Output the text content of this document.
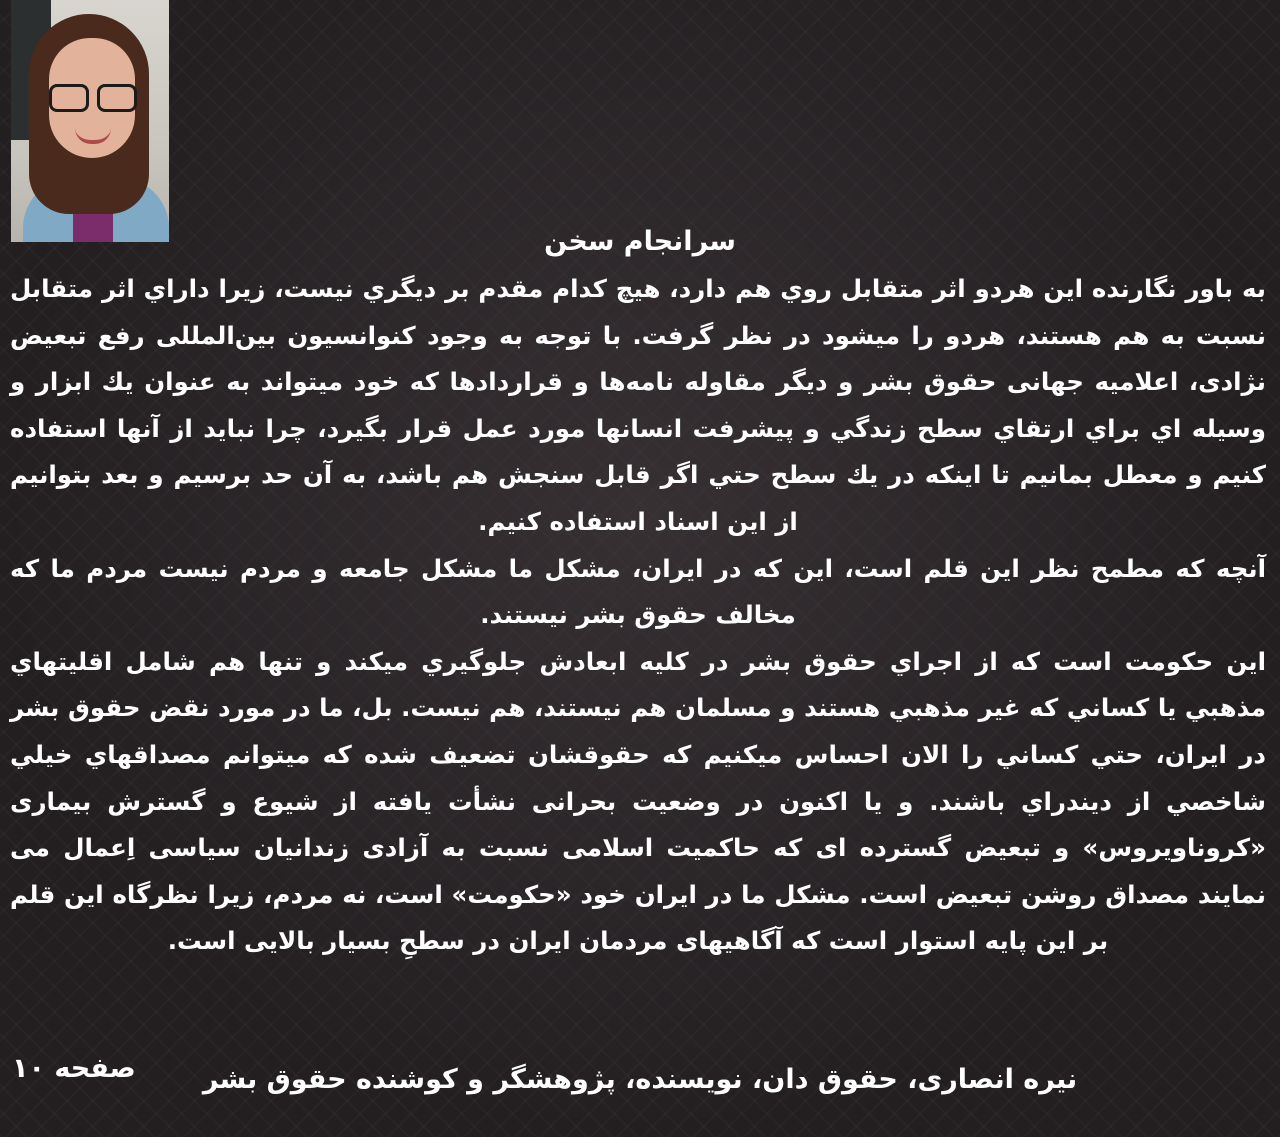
سرانجام سخن

به باور نگارنده این هردو اثر متقابل روي هم دارد، هيچ كدام مقدم بر ديگري نيست، زيرا داراي اثر متقابل نسبت به هم هستند، هردو را ميشود در نظر گرفت. با توجه به وجود كنوانسیون بین‌المللی رفع تبعیض نژادی، اعلامیه جهانی حقوق بشر و ديگر مقاوله نامه‌ها و قراردادها كه خود ميتواند به عنوان يك ابزار و وسيله اي براي ارتقاي سطح زندگي و پيشرفت انسانها مورد عمل قرار بگيرد، چرا نبايد از آنها استفاده كنيم و معطل بمانيم تا اينكه در يك سطح حتي اگر قابل سنجش هم باشد، به آن حد برسيم و بعد بتوانيم از اين اسناد استفاده كنيم.

آنچه كه مطمح نظر اين قلم است، اين كه در ايران، مشكل ما مشكل جامعه و مردم نيست مردم ما كه مخالف حقوق بشر نيستند.

اين حكومت است كه از اجراي حقوق بشر در كليه ابعادش جلوگيري ميكند و تنها هم شامل اقليتهاي مذهبي يا كساني كه غير مذهبي هستند و مسلمان هم نيستند، هم نيست. بل، ما در مورد نقض حقوق بشر در ايران، حتي كساني را الان احساس ميكنيم كه حقوقشان تضعيف شده كه ميتوانم مصداقهاي خيلي شاخصي از ديندراي باشند. و يا اکنون در وضعیت بحرانی نشأت یافته از شیوع و گسترش بیماری «کروناویروس» و تبعیض گسترده ای که حاکمیت اسلامی نسبت به آزادی زندانیان سیاسی اِعمال می نمایند مصداق روشن تبعیض است. مشکل ما در ایران خود «حکومت» است، نه مردم، زیرا نظرگاه این قلم بر این پایه استوار است که آگاهیهای مردمان ایران در سطحِ بسیار بالایی است.

نیره انصاری، حقوق دان، نویسنده، پژوهشگر و کوشنده حقوق بشر
صفحه ۱۰
